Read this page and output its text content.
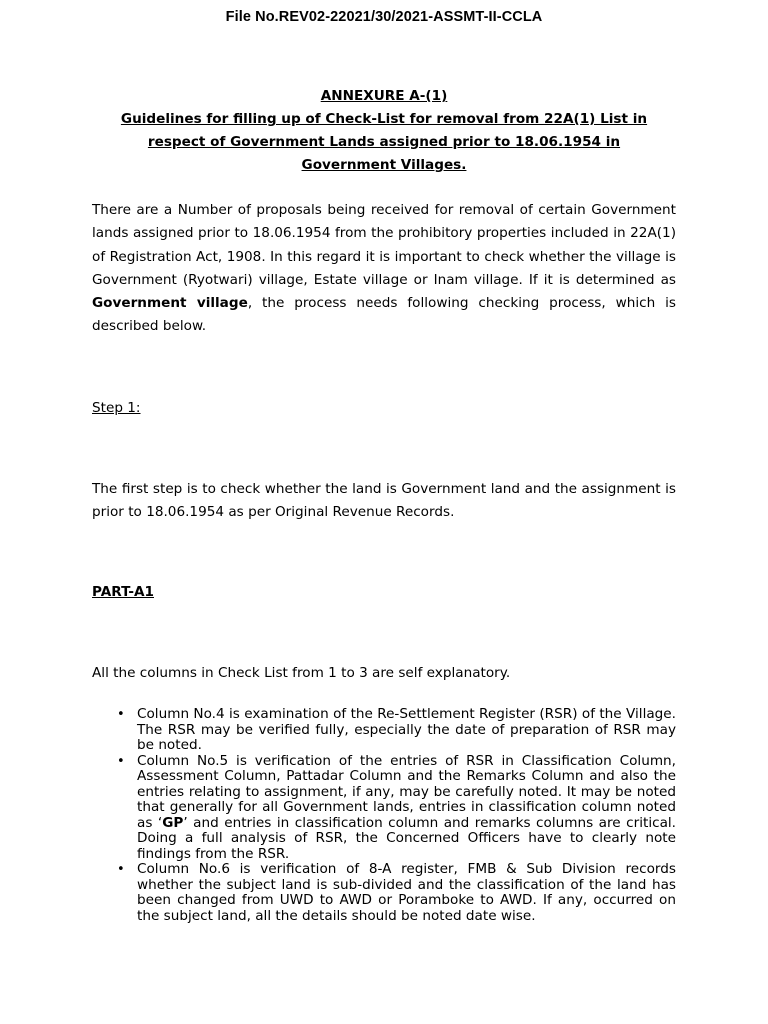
File No.REV02-22021/30/2021-ASSMT-II-CCLA
ANNEXURE A-(1)
Guidelines for filling up of Check-List for removal from 22A(1) List in
respect of Government Lands assigned prior to 18.06.1954 in
Government Villages.
There are a Number of proposals being received for removal of certain Government lands assigned prior to 18.06.1954 from the prohibitory properties included in 22A(1) of Registration Act, 1908. In this regard it is important to check whether the village is Government (Ryotwari) village, Estate village or Inam village. If it is determined as Government village, the process needs following checking process, which is described below.
Step 1:
The first step is to check whether the land is Government land and the assignment is prior to 18.06.1954 as per Original Revenue Records.
PART-A1
All the columns in Check List from 1 to 3 are self explanatory.
• Column No.4 is examination of the Re-Settlement Register (RSR) of the Village. The RSR may be verified fully, especially the date of preparation of RSR may be noted.
• Column No.5 is verification of the entries of RSR in Classification Column, Assessment Column, Pattadar Column and the Remarks Column and also the entries relating to assignment, if any, may be carefully noted. It may be noted that generally for all Government lands, entries in classification column noted as ‘GP’ and entries in classification column and remarks columns are critical. Doing a full analysis of RSR, the Concerned Officers have to clearly note findings from the RSR.
• Column No.6 is verification of 8-A register, FMB & Sub Division records whether the subject land is sub-divided and the classification of the land has been changed from UWD to AWD or Poramboke to AWD. If any, occurred on the subject land, all the details should be noted date wise.
